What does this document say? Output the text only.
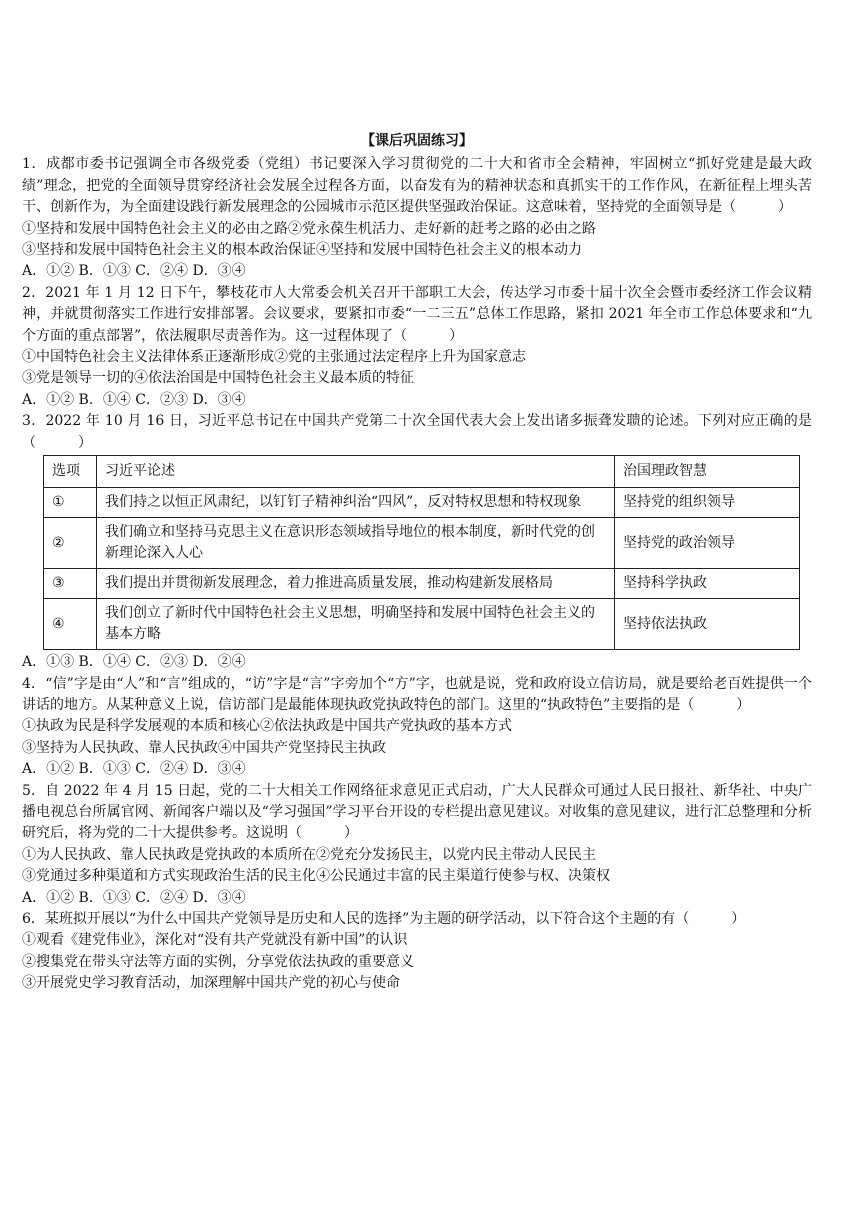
【课后巩固练习】

1．成都市委书记强调全市各级党委（党组）书记要深入学习贯彻党的二十大和省市全会精神，牢固树立“抓好党建是最大政绩”理念，把党的全面领导贯穿经济社会发展全过程各方面，以奋发有为的精神状态和真抓实干的工作作风，在新征程上埋头苦干、创新作为，为全面建设践行新发展理念的公园城市示范区提供坚强政治保证。这意味着，坚持党的全面领导是（　　　）

①坚持和发展中国特色社会主义的必由之路②党永葆生机活力、走好新的赶考之路的必由之路

③坚持和发展中国特色社会主义的根本政治保证④坚持和发展中国特色社会主义的根本动力

A．①② B．①③ C．②④ D．③④

2．2021 年 1 月 12 日下午，攀枝花市人大常委会机关召开干部职工大会，传达学习市委十届十次全会暨市委经济工作会议精神，并就贯彻落实工作进行安排部署。会议要求，要紧扣市委“一二三五”总体工作思路，紧扣 2021 年全市工作总体要求和“九个方面的重点部署”，依法履职尽责善作为。这一过程体现了（　　　）

①中国特色社会主义法律体系正逐渐形成②党的主张通过法定程序上升为国家意志

③党是领导一切的④依法治国是中国特色社会主义最本质的特征

A．①② B．①④ C．②③ D．③④

3．2022 年 10 月 16 日，习近平总书记在中国共产党第二十次全国代表大会上发出诸多振聋发聩的论述。下列对应正确的是（　　　）

选项	习近平论述	治国理政智慧
①	我们持之以恒正风肃纪，以钉钉子精神纠治“四风”，反对特权思想和特权现象	坚持党的组织领导
②	我们确立和坚持马克思主义在意识形态领域指导地位的根本制度，新时代党的创新理论深入人心	坚持党的政治领导
③	我们提出并贯彻新发展理念，着力推进高质量发展，推动构建新发展格局	坚持科学执政
④	我们创立了新时代中国特色社会主义思想，明确坚持和发展中国特色社会主义的基本方略	坚持依法执政

A．①③ B．①④ C．②③ D．②④

4．“信”字是由“人”和“言”组成的，“访”字是“言”字旁加个“方”字，也就是说，党和政府设立信访局，就是要给老百姓提供一个讲话的地方。从某种意义上说，信访部门是最能体现执政党执政特色的部门。这里的“执政特色”主要指的是（　　　）

①执政为民是科学发展观的本质和核心②依法执政是中国共产党执政的基本方式

③坚持为人民执政、靠人民执政④中国共产党坚持民主执政

A．①② B．①③ C．②④ D．③④

5．自 2022 年 4 月 15 日起，党的二十大相关工作网络征求意见正式启动，广大人民群众可通过人民日报社、新华社、中央广播电视总台所属官网、新闻客户端以及“学习强国”学习平台开设的专栏提出意见建议。对收集的意见建议，进行汇总整理和分析研究后，将为党的二十大提供参考。这说明（　　　）

①为人民执政、靠人民执政是党执政的本质所在②党充分发扬民主，以党内民主带动人民民主

③党通过多种渠道和方式实现政治生活的民主化④公民通过丰富的民主渠道行使参与权、决策权

A．①② B．①③ C．②④ D．③④

6．某班拟开展以“为什么中国共产党领导是历史和人民的选择”为主题的研学活动，以下符合这个主题的有（　　　）

①观看《建党伟业》，深化对“没有共产党就没有新中国”的认识

②搜集党在带头守法等方面的实例，分享党依法执政的重要意义

③开展党史学习教育活动，加深理解中国共产党的初心与使命
